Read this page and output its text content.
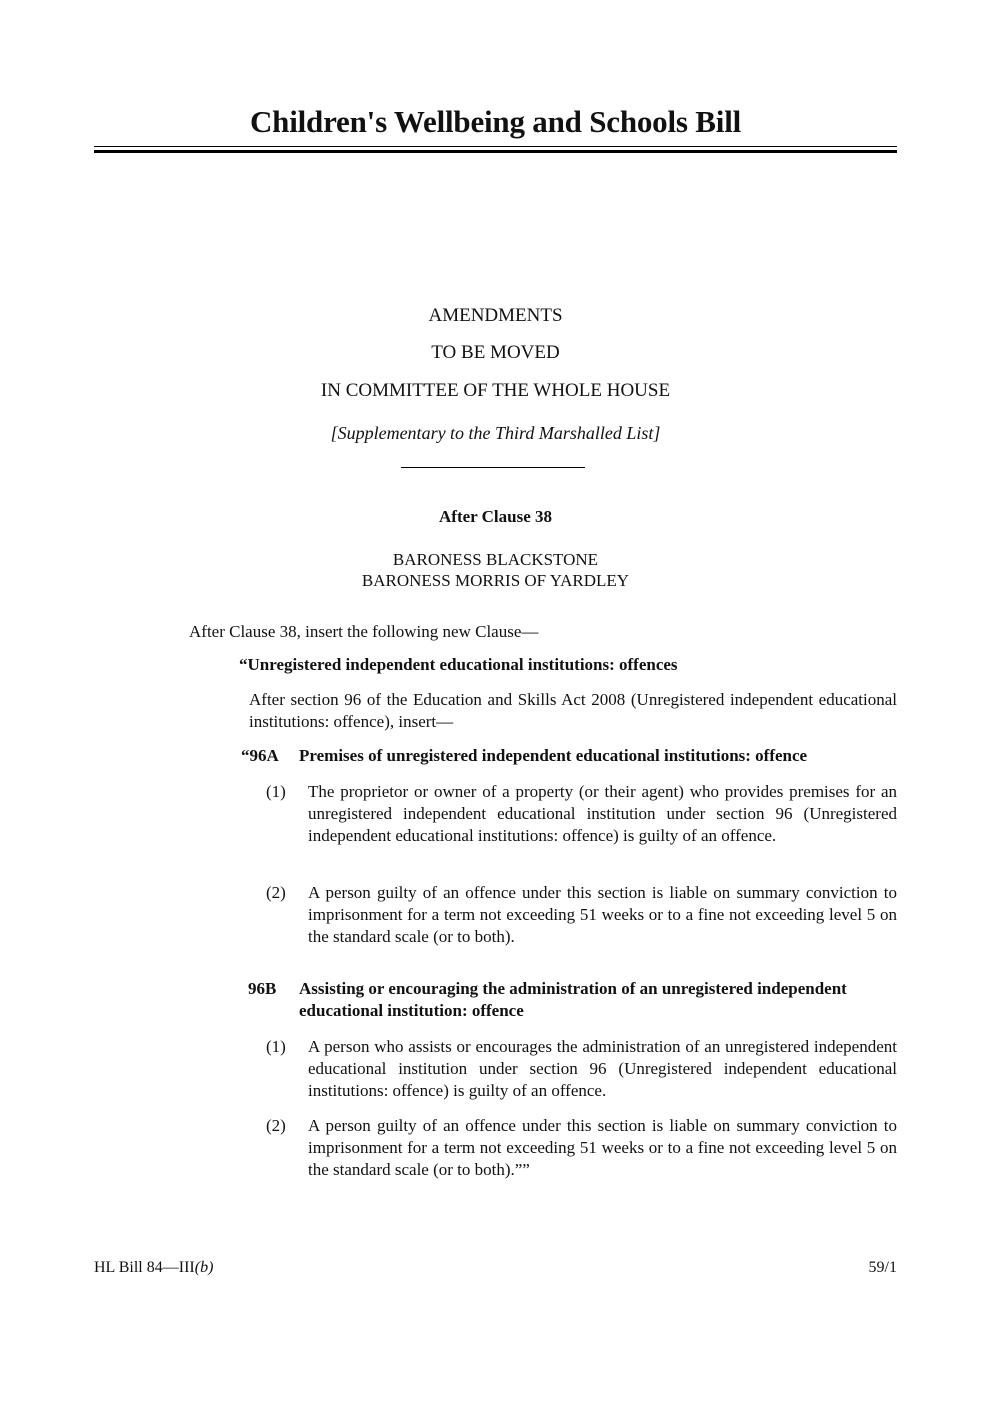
Children's Wellbeing and Schools Bill
AMENDMENTS
TO BE MOVED
IN COMMITTEE OF THE WHOLE HOUSE
[Supplementary to the Third Marshalled List]
After Clause 38
BARONESS BLACKSTONE
BARONESS MORRIS OF YARDLEY
After Clause 38, insert the following new Clause—
“Unregistered independent educational institutions: offences
After section 96 of the Education and Skills Act 2008 (Unregistered independent educational institutions: offence), insert—
“96A	Premises of unregistered independent educational institutions: offence
(1)	The proprietor or owner of a property (or their agent) who provides premises for an unregistered independent educational institution under section 96 (Unregistered independent educational institutions: offence) is guilty of an offence.
(2)	A person guilty of an offence under this section is liable on summary conviction to imprisonment for a term not exceeding 51 weeks or to a fine not exceeding level 5 on the standard scale (or to both).
96B	Assisting or encouraging the administration of an unregistered independent educational institution: offence
(1)	A person who assists or encourages the administration of an unregistered independent educational institution under section 96 (Unregistered independent educational institutions: offence) is guilty of an offence.
(2)	A person guilty of an offence under this section is liable on summary conviction to imprisonment for a term not exceeding 51 weeks or to a fine not exceeding level 5 on the standard scale (or to both).””
HL Bill 84—III(b)	59/1
